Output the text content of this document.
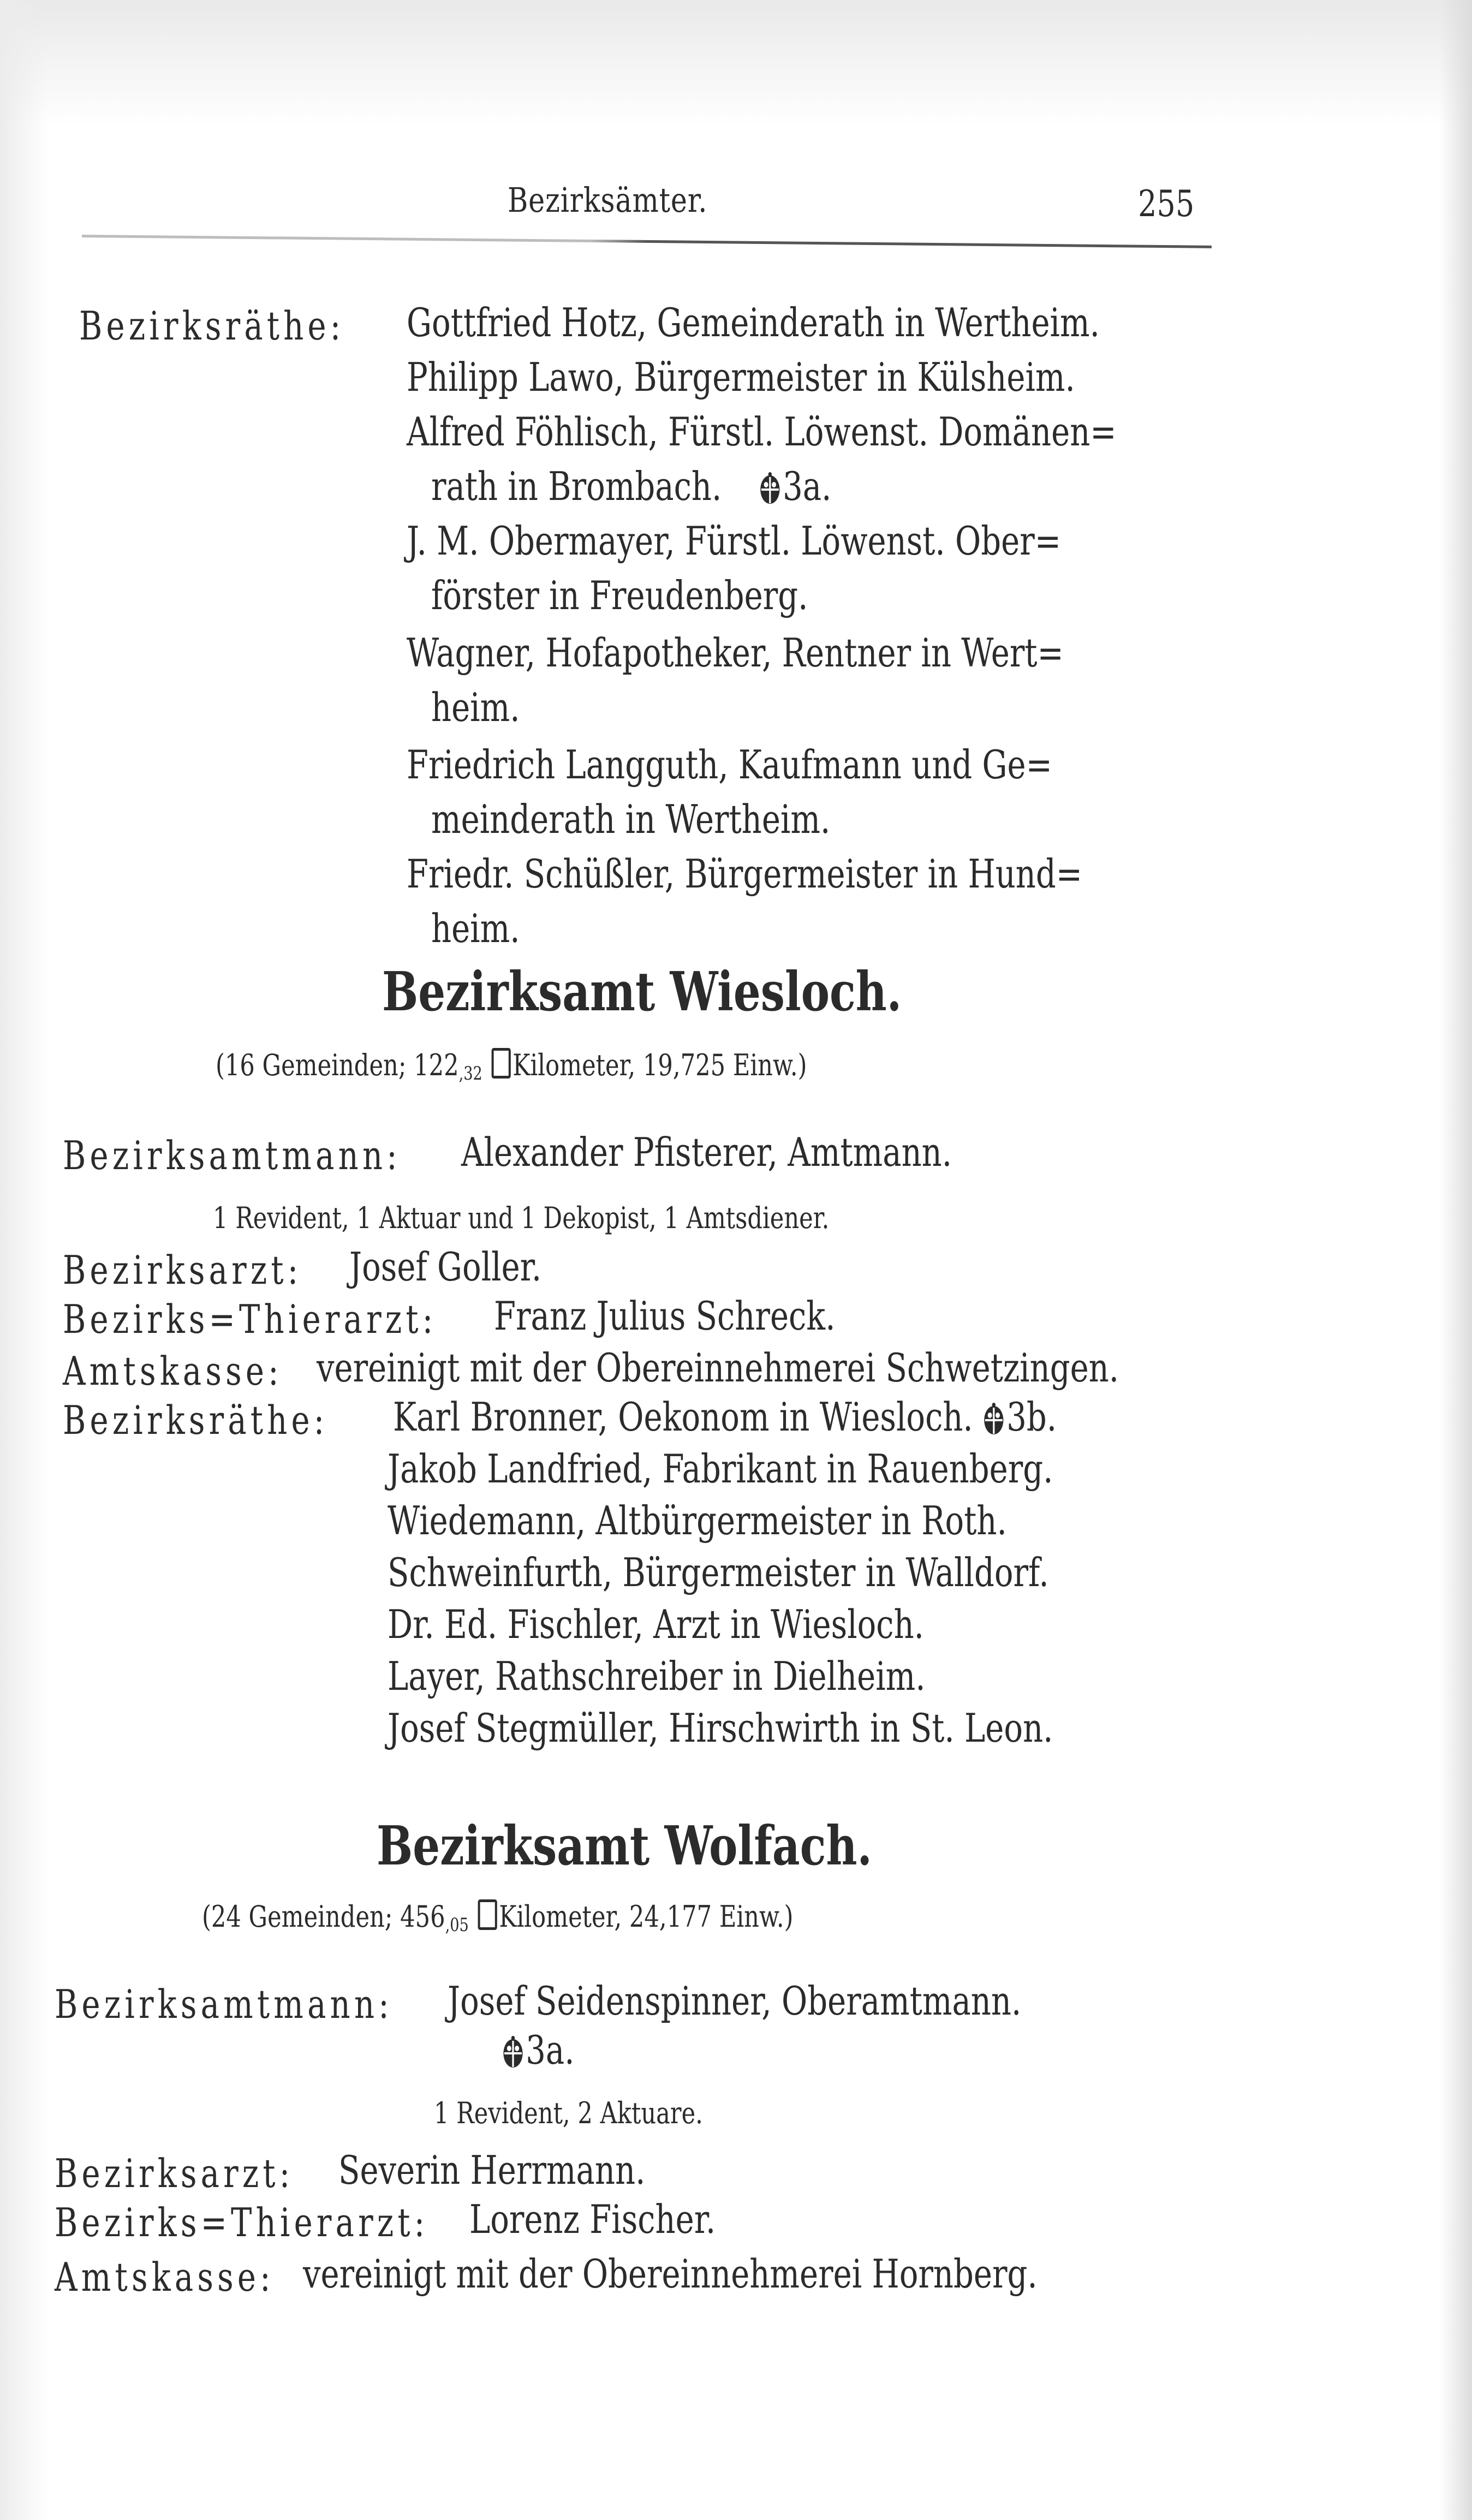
Bezirksämter.	255
Bezirksräthe: Gottfried Hotz, Gemeinderath in Wertheim.
Philipp Lawo, Bürgermeister in Külsheim.
Alfred Föhlisch, Fürstl. Löwenst. Domänen=
rath in Brombach. 3a.
J. M. Obermayer, Fürstl. Löwenst. Ober=
förster in Freudenberg.
Wagner, Hofapotheker, Rentner in Wert=
heim.
Friedrich Langguth, Kaufmann und Ge=
meinderath in Wertheim.
Friedr. Schüßler, Bürgermeister in Hund=
heim.
Bezirksamt Wiesloch.
(16 Gemeinden; $122_{,32}$ Kilometer, 19,725 Einw.)
Bezirksamtmann: Alexander Pfisterer, Amtmann.
1 Revident, 1 Aktuar und 1 Dekopist, 1 Amtsdiener.
Bezirksarzt: Josef Goller.
Bezirks=Thierarzt: Franz Julius Schreck.
Amtskasse: vereinigt mit der Obereinnehmerei Schwetzingen.
Bezirksräthe: Karl Bronner, Oekonom in Wiesloch. 3b.
Jakob Landfried, Fabrikant in Rauenberg.
Wiedemann, Altbürgermeister in Roth.
Schweinfurth, Bürgermeister in Walldorf.
Dr. Ed. Fischler, Arzt in Wiesloch.
Layer, Rathschreiber in Dielheim.
Josef Stegmüller, Hirschwirth in St. Leon.
Bezirksamt Wolfach.
(24 Gemeinden; $456_{,05}$ Kilometer, 24,177 Einw.)
Bezirksamtmann: Josef Seidenspinner, Oberamtmann.
3a.
1 Revident, 2 Aktuare.
Bezirksarzt: Severin Herrmann.
Bezirks=Thierarzt: Lorenz Fischer.
Amtskasse: vereinigt mit der Obereinnehmerei Hornberg.
